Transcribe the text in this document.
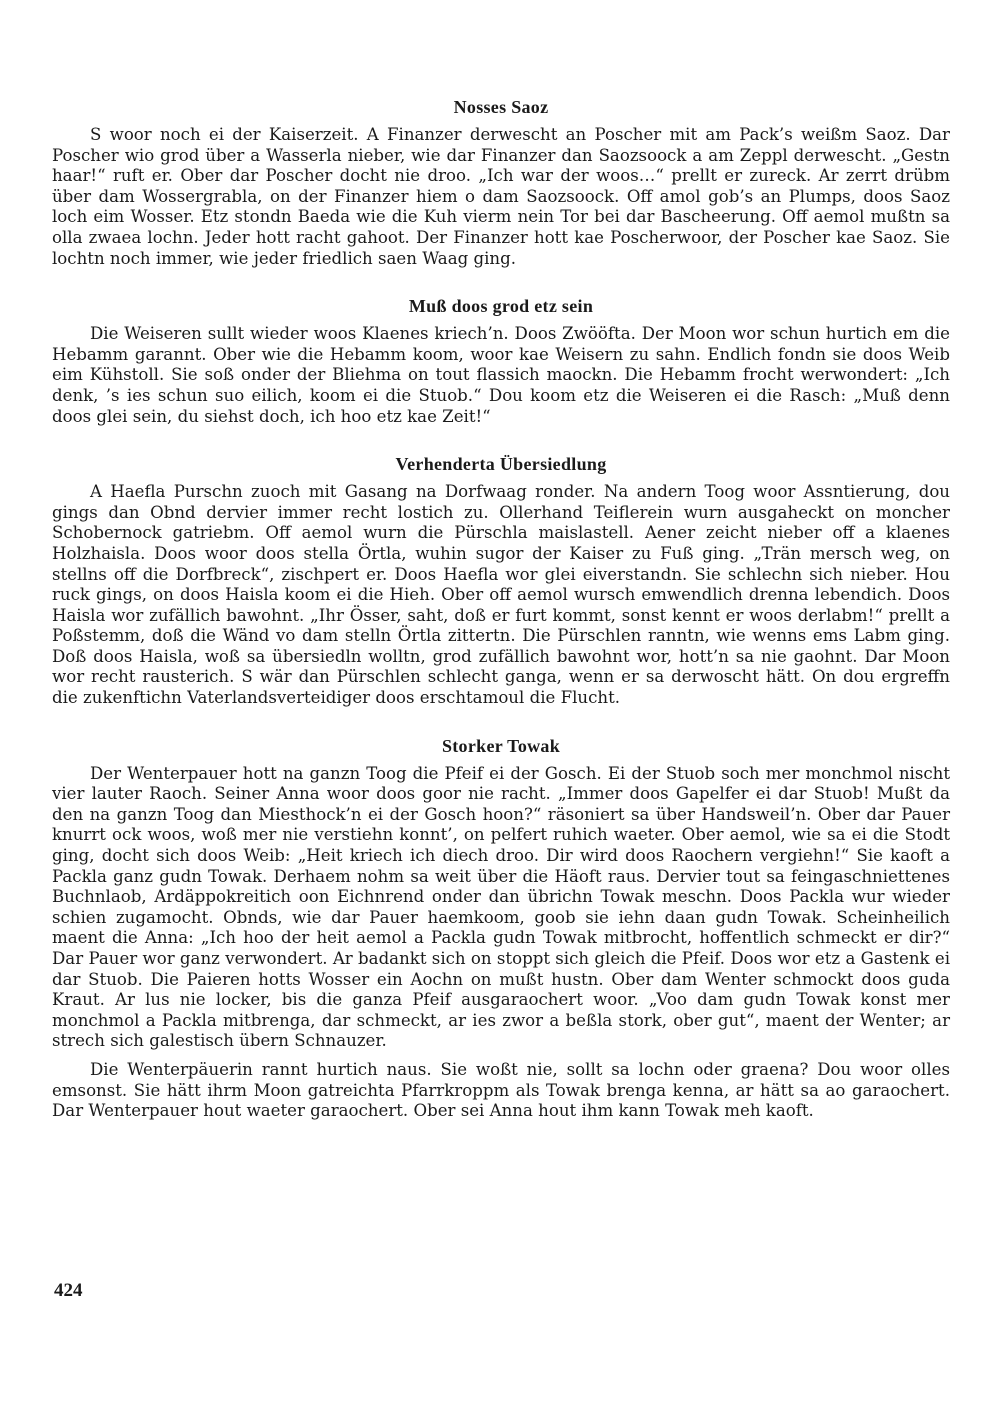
Nosses Saoz

S woor noch ei der Kaiserzeit. A Finanzer derwescht an Poscher mit am Pack’s weißm Saoz. Dar Poscher wio grod über a Wasserla nieber, wie dar Finanzer dan Saozsoock a am Zeppl derwescht. „Gestn haar!“ ruft er. Ober dar Poscher docht nie droo. „Ich war der woos…“ prellt er zureck. Ar zerrt drübm über dam Wossergrabla, on der Finanzer hiem o dam Saozsoock. Off amol gob’s an Plumps, doos Saoz loch eim Wosser. Etz stondn Baeda wie die Kuh vierm nein Tor bei dar Bascheerung. Off aemol mußtn sa olla zwaea lochn. Jeder hott racht gahoot. Der Finanzer hott kae Poscherwoor, der Poscher kae Saoz. Sie lochtn noch immer, wie jeder friedlich saen Waag ging.

Muß doos grod etz sein

Die Weiseren sullt wieder woos Klaenes kriech’n. Doos Zwööfta. Der Moon wor schun hurtich em die Hebamm garannt. Ober wie die Hebamm koom, woor kae Weisern zu sahn. Endlich fondn sie doos Weib eim Kühstoll. Sie soß onder der Bliehma on tout flassich maockn. Die Hebamm frocht werwondert: „Ich denk, ’s ies schun suo eilich, koom ei die Stuob.“ Dou koom etz die Weiseren ei die Rasch: „Muß denn doos glei sein, du siehst doch, ich hoo etz kae Zeit!“

Verhenderta Übersiedlung

A Haefla Purschn zuoch mit Gasang na Dorfwaag ronder. Na andern Toog woor Assntierung, dou gings dan Obnd dervier immer recht lostich zu. Ollerhand Teiflerein wurn ausgaheckt on moncher Schobernock gatriebm. Off aemol wurn die Pürschla maislastell. Aener zeicht nieber off a klaenes Holzhaisla. Doos woor doos stella Örtla, wuhin sugor der Kaiser zu Fuß ging. „Trän mersch weg, on stellns off die Dorfbreck“, zischpert er. Doos Haefla wor glei eiverstandn. Sie schlechn sich nieber. Hou ruck gings, on doos Haisla koom ei die Hieh. Ober off aemol wursch emwendlich drenna lebendich. Doos Haisla wor zufällich bawohnt. „Ihr Össer, saht, doß er furt kommt, sonst kennt er woos derlabm!“ prellt a Poßstemm, doß die Wänd vo dam stelln Örtla zittertn. Die Pürschlen ranntn, wie wenns ems Labm ging. Doß doos Haisla, woß sa übersiedln wolltn, grod zufällich bawohnt wor, hott’n sa nie gaohnt. Dar Moon wor recht rausterich. S wär dan Pürschlen schlecht ganga, wenn er sa derwoscht hätt. On dou ergreffn die zukenftichn Vaterlandsverteidiger doos erschtamoul die Flucht.

Storker Towak

Der Wenterpauer hott na ganzn Toog die Pfeif ei der Gosch. Ei der Stuob soch mer monchmol nischt vier lauter Raoch. Seiner Anna woor doos goor nie racht. „Immer doos Gapelfer ei dar Stuob! Mußt da den na ganzn Toog dan Miesthock’n ei der Gosch hoon?“ räsoniert sa über Handsweil’n. Ober dar Pauer knurrt ock woos, woß mer nie verstiehn konnt’, on pelfert ruhich waeter. Ober aemol, wie sa ei die Stodt ging, docht sich doos Weib: „Heit kriech ich diech droo. Dir wird doos Raochern vergiehn!“ Sie kaoft a Packla ganz gudn Towak. Derhaem nohm sa weit über die Häoft raus. Dervier tout sa feingaschniettenes Buchnlaob, Ardäppokreitich oon Eichnrend onder dan übrichn Towak meschn. Doos Packla wur wieder schien zugamocht. Obnds, wie dar Pauer haemkoom, goob sie iehn daan gudn Towak. Scheinheilich maent die Anna: „Ich hoo der heit aemol a Packla gudn Towak mitbrocht, hoffentlich schmeckt er dir?“ Dar Pauer wor ganz verwondert. Ar badankt sich on stoppt sich gleich die Pfeif. Doos wor etz a Gastenk ei dar Stuob. Die Paieren hotts Wosser ein Aochn on mußt hustn. Ober dam Wenter schmockt doos guda Kraut. Ar lus nie locker, bis die ganza Pfeif ausgaraochert woor. „Voo dam gudn Towak konst mer monchmol a Packla mitbrenga, dar schmeckt, ar ies zwor a beßla stork, ober gut“, maent der Wenter; ar strech sich galestisch übern Schnauzer.

Die Wenterpäuerin rannt hurtich naus. Sie woßt nie, sollt sa lochn oder graena? Dou woor olles emsonst. Sie hätt ihrm Moon gatreichta Pfarrkroppm als Towak brenga kenna, ar hätt sa ao garaochert. Dar Wenterpauer hout waeter garaochert. Ober sei Anna hout ihm kann Towak meh kaoft.

424
